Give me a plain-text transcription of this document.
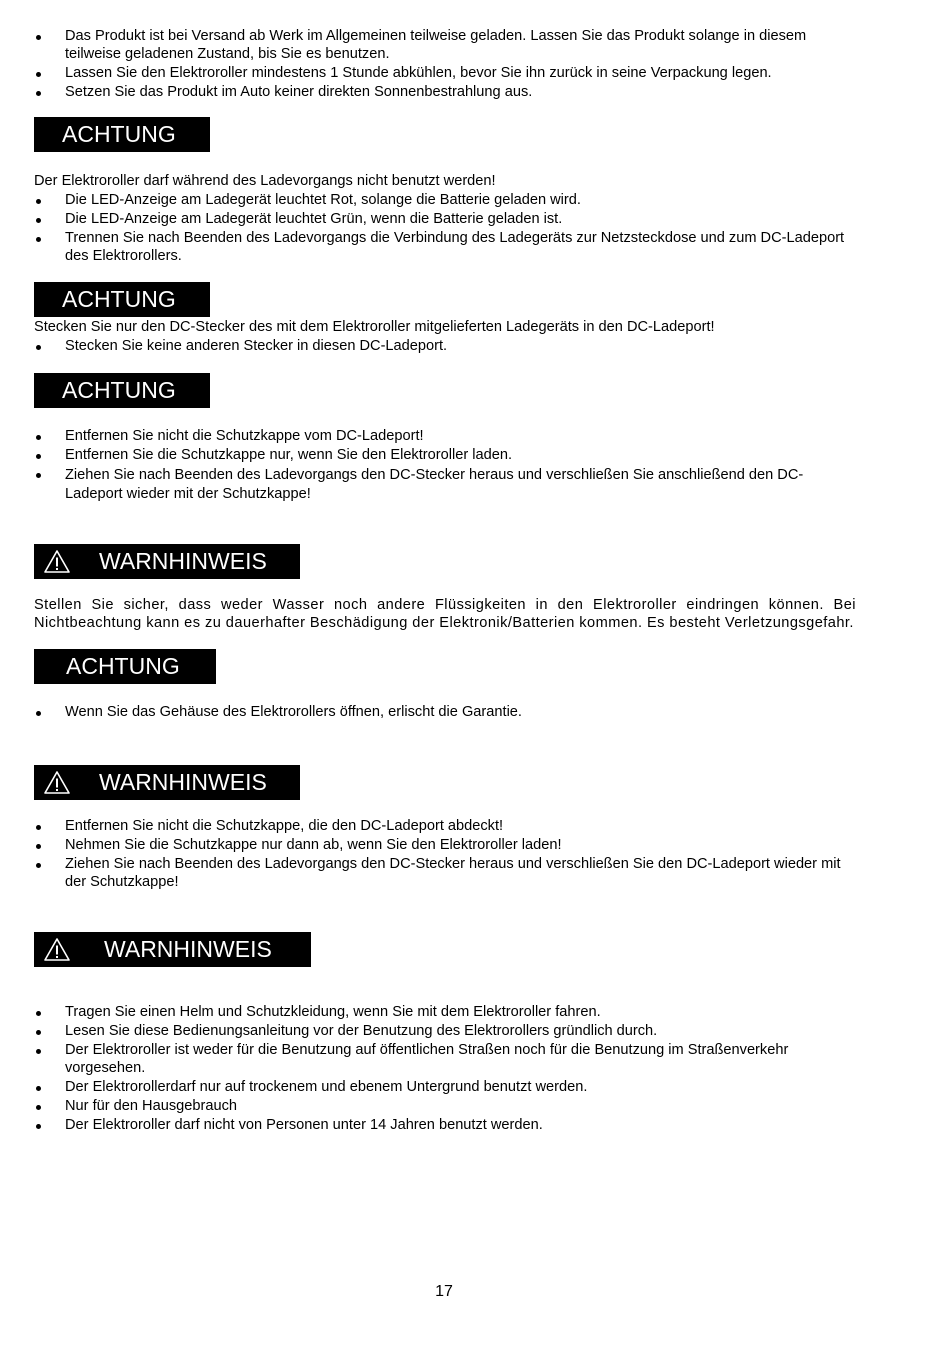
Das Produkt ist bei Versand ab Werk im Allgemeinen teilweise geladen. Lassen Sie das Produkt solange in diesem teilweise geladenen Zustand, bis Sie es benutzen.
Lassen Sie den Elektroroller mindestens 1 Stunde abkühlen, bevor Sie ihn zurück in seine Verpackung legen.
Setzen Sie das Produkt im Auto keiner direkten Sonnenbestrahlung aus.
ACHTUNG

Der Elektroroller darf während des Ladevorgangs nicht benutzt werden!

Die LED-Anzeige am Ladegerät leuchtet Rot, solange die Batterie geladen wird.
Die LED-Anzeige am Ladegerät leuchtet Grün, wenn die Batterie geladen ist.
Trennen Sie nach Beenden des Ladevorgangs die Verbindung des Ladegeräts zur Netzsteckdose und zum DC-Ladeport des Elektrorollers.
ACHTUNG

Stecken Sie nur den DC-Stecker des mit dem Elektroroller mitgelieferten Ladegeräts in den DC-Ladeport!

Stecken Sie keine anderen Stecker in diesen DC-Ladeport.
ACHTUNG
Entfernen Sie nicht die Schutzkappe vom DC-Ladeport!
Entfernen Sie die Schutzkappe nur, wenn Sie den Elektroroller laden.
Ziehen Sie nach Beenden des Ladevorgangs den DC-Stecker heraus und verschließen Sie anschließend den DC-Ladeport wieder mit der Schutzkappe!
WARNHINWEIS

Stellen Sie sicher, dass weder Wasser noch andere Flüssigkeiten in den Elektroroller eindringen können. Bei Nichtbeachtung kann es zu dauerhafter Beschädigung der Elektronik/Batterien kommen. Es besteht Verletzungsgefahr.

ACHTUNG
Wenn Sie das Gehäuse des Elektrorollers öffnen, erlischt die Garantie.
WARNHINWEIS
Entfernen Sie nicht die Schutzkappe, die den DC-Ladeport abdeckt!
Nehmen Sie die Schutzkappe nur dann ab, wenn Sie den Elektroroller laden!
Ziehen Sie nach Beenden des Ladevorgangs den DC-Stecker heraus und verschließen Sie den DC-Ladeport wieder mit der Schutzkappe!
WARNHINWEIS
Tragen Sie einen Helm und Schutzkleidung, wenn Sie mit dem Elektroroller fahren.
Lesen Sie diese Bedienungsanleitung vor der Benutzung des Elektrorollers gründlich durch.
Der Elektroroller ist weder für die Benutzung auf öffentlichen Straßen noch für die Benutzung im Straßenverkehr vorgesehen.
Der Elektrorollerdarf nur auf trockenem und ebenem Untergrund benutzt werden.
Nur für den Hausgebrauch
Der Elektroroller darf nicht von Personen unter 14 Jahren benutzt werden.
17
